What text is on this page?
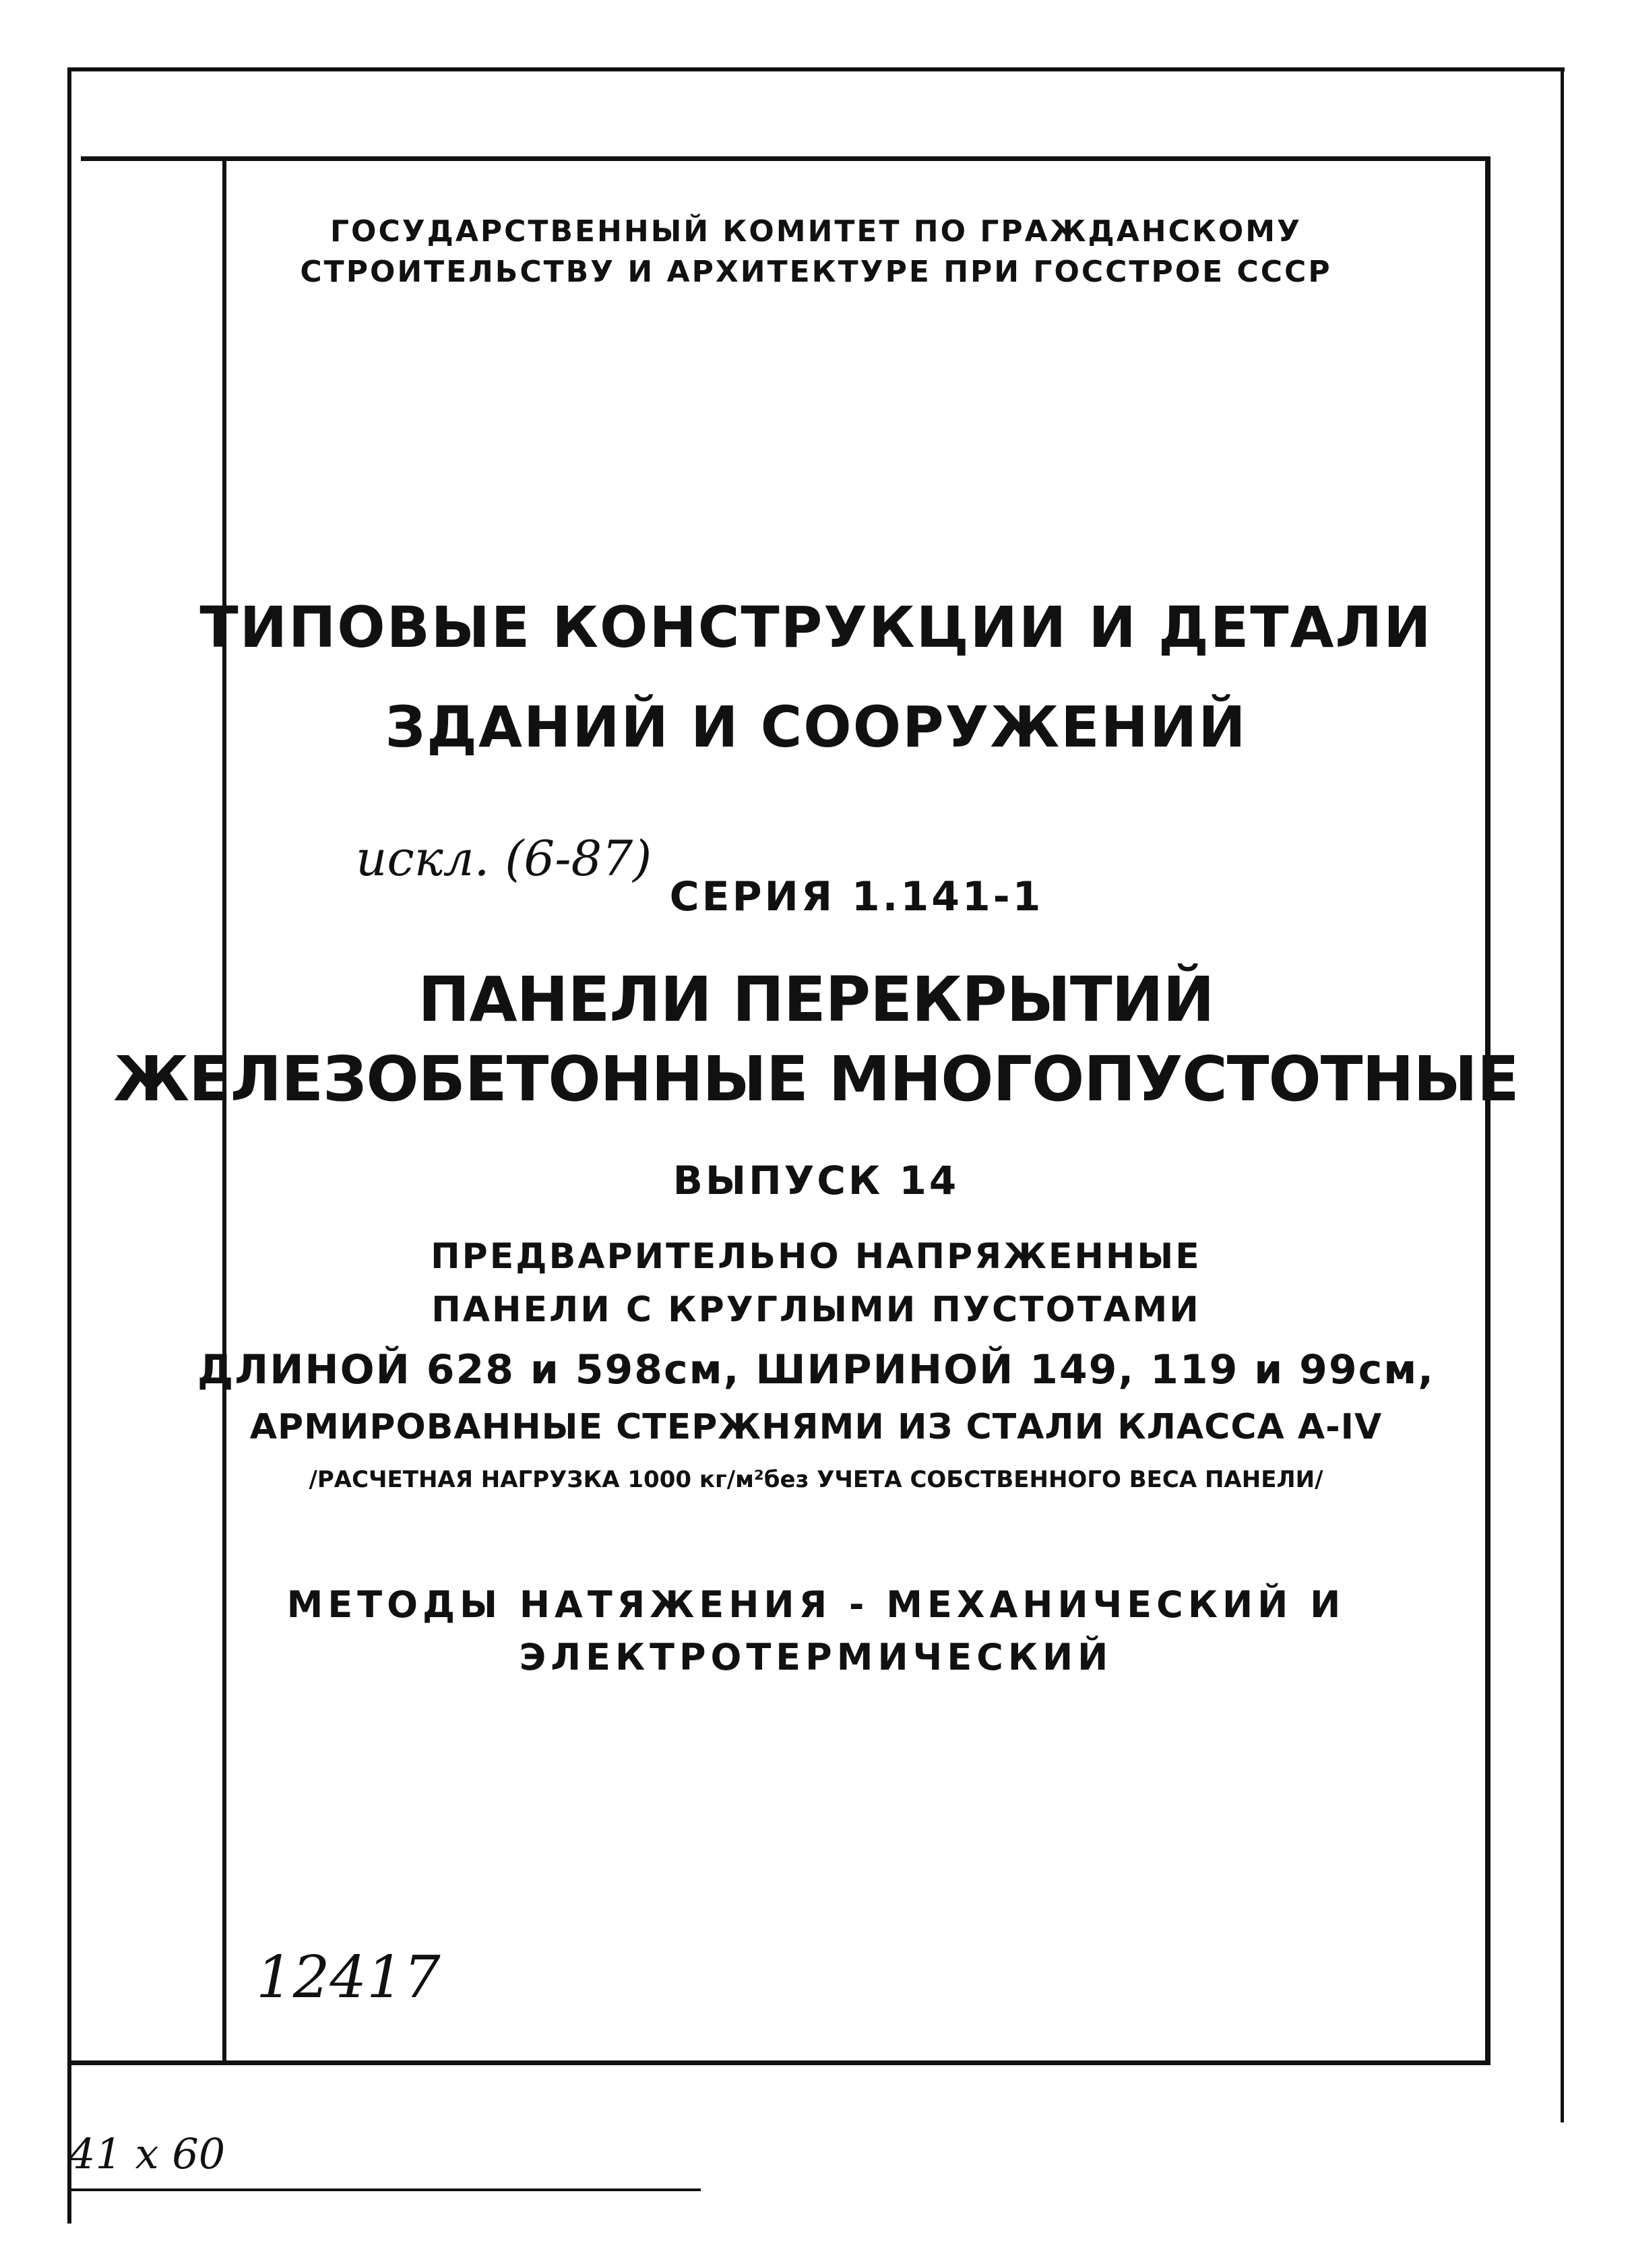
ГОСУДАРСТВЕННЫЙ КОМИТЕТ ПО ГРАЖДАНСКОМУ
СТРОИТЕЛЬСТВУ И АРХИТЕКТУРЕ ПРИ ГОССТРОЕ СССР
ТИПОВЫЕ КОНСТРУКЦИИ И ДЕТАЛИ
ЗДАНИЙ И СООРУЖЕНИЙ
искл. (6-87)
СЕРИЯ 1.141-1
ПАНЕЛИ ПЕРЕКРЫТИЙ
ЖЕЛЕЗОБЕТОННЫЕ МНОГОПУСТОТНЫЕ
ВЫПУСК 14
ПРЕДВАРИТЕЛЬНО НАПРЯЖЕННЫЕ
ПАНЕЛИ С КРУГЛЫМИ ПУСТОТАМИ
ДЛИНОЙ 628 и 598см, ШИРИНОЙ 149, 119 и 99см,
АРМИРОВАННЫЕ СТЕРЖНЯМИ ИЗ СТАЛИ КЛАССА А-IV
/РАСЧЕТНАЯ НАГРУЗКА 1000 кг/м²без УЧЕТА СОБСТВЕННОГО ВЕСА ПАНЕЛИ/
МЕТОДЫ НАТЯЖЕНИЯ - МЕХАНИЧЕСКИЙ И
ЭЛЕКТРОТЕРМИЧЕСКИЙ
12417
41 х 60
